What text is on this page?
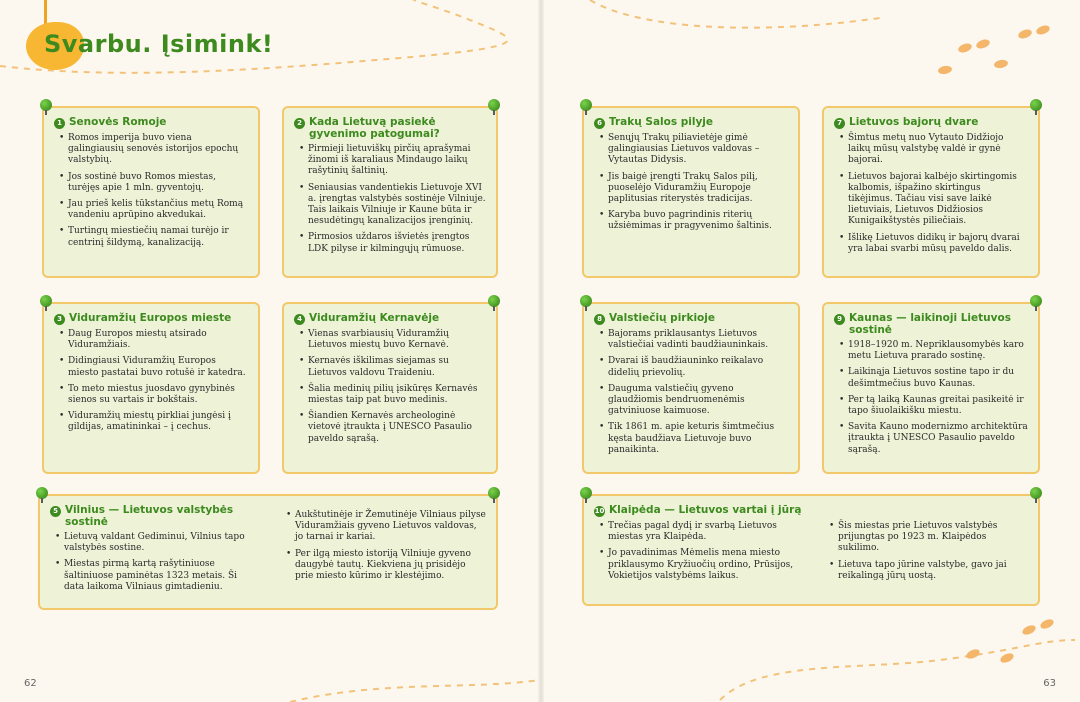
Svarbu. Įsimink!
1 Senovės Romoje
• Romos imperija buvo viena galingiausių senovės istorijos epochų valstybių.
• Jos sostinė buvo Romos miestas, turėjęs apie 1 mln. gyventojų.
• Jau prieš kelis tūkstančius metų Romą vandeniu aprūpino akvedukai.
• Turtingų miestiečių namai turėjo ir centrinį šildymą, kanalizaciją.
2 Kada Lietuvą pasiekė gyvenimo patogumai?
• Pirmieji lietuviškų pirčių aprašymai žinomi iš karaliaus Mindaugo laikų rašytinių šaltinių.
• Seniausias vandentiekis Lietuvoje XVI a. įrengtas valstybės sostinėje Vilniuje. Tais laikais Vilniuje ir Kaune būta ir nesudėtingų kanalizacijos įrenginių.
• Pirmosios uždaros išvietės įrengtos LDK pilyse ir kilmingųjų rūmuose.
3 Viduramžių Europos mieste
• Daug Europos miestų atsirado Viduramžiais.
• Didingiausi Viduramžių Europos miesto pastatai buvo rotušė ir katedra.
• To meto miestus juosdavo gynybinės sienos su vartais ir bokštais.
• Viduramžių miestų pirkliai jungėsi į gildijas, amatininkai – į cechus.
4 Viduramžių Kernavėje
• Vienas svarbiausių Viduramžių Lietuvos miestų buvo Kernavė.
• Kernavės iškilimas siejamas su Lietuvos valdovu Traideniu.
• Šalia medinių pilių įsikūręs Kernavės miestas taip pat buvo medinis.
• Šiandien Kernavės archeologinė vietovė įtraukta į UNESCO Pasaulio paveldo sąrašą.
5 Vilnius — Lietuvos valstybės sostinė
• Lietuvą valdant Gediminui, Vilnius tapo valstybės sostine.
• Miestas pirmą kartą rašytiniuose šaltiniuose paminėtas 1323 metais. Ši data laikoma Vilniaus gimtadieniu.
• Aukštutinėje ir Žemutinėje Vilniaus pilyse Viduramžiais gyveno Lietuvos valdovas, jo tarnai ir kariai.
• Per ilgą miesto istoriją Vilniuje gyveno daugybė tautų. Kiekviena jų prisidėjo prie miesto kūrimo ir klestėjimo.
6 Trakų Salos pilyje
• Senųjų Trakų piliavietėje gimė galingiausias Lietuvos valdovas – Vytautas Didysis.
• Jis baigė įrengti Trakų Salos pilį, puoselėjo Viduramžių Europoje paplitusias riterystės tradicijas.
• Karyba buvo pagrindinis riterių užsiėmimas ir pragyvenimo šaltinis.
7 Lietuvos bajorų dvare
• Šimtus metų nuo Vytauto Didžiojo laikų mūsų valstybę valdė ir gynė bajorai.
• Lietuvos bajorai kalbėjo skirtingomis kalbomis, išpažino skirtingus tikėjimus. Tačiau visi save laikė lietuviais, Lietuvos Didžiosios Kunigaikštystės piliečiais.
• Išlikę Lietuvos didikų ir bajorų dvarai yra labai svarbi mūsų paveldo dalis.
8 Valstiečių pirkioje
• Bajorams priklausantys Lietuvos valstiečiai vadinti baudžiauninkais.
• Dvarai iš baudžiauninko reikalavo didelių prievolių.
• Dauguma valstiečių gyveno glaudžiomis bendruomenėmis gatviniuose kaimuose.
• Tik 1861 m. apie keturis šimtmečius kęsta baudžiava Lietuvoje buvo panaikinta.
9 Kaunas — laikinoji Lietuvos sostinė
• 1918–1920 m. Nepriklausomybės karo metu Lietuva prarado sostinę.
• Laikinąja Lietuvos sostine tapo ir du dešimtmečius buvo Kaunas.
• Per tą laiką Kaunas greitai pasikeitė ir tapo šiuolaikišku miestu.
• Savita Kauno modernizmo architektūra įtraukta į UNESCO Pasaulio paveldo sąrašą.
10 Klaipėda — Lietuvos vartai į jūrą
• Trečias pagal dydį ir svarbą Lietuvos miestas yra Klaipėda.
• Jo pavadinimas Mėmelis mena miesto priklausymo Kryžiuočių ordino, Prūsijos, Vokietijos valstybėms laikus.
• Šis miestas prie Lietuvos valstybės prijungtas po 1923 m. Klaipėdos sukilimo.
• Lietuva tapo jūrine valstybe, gavo jai reikalingą jūrų uostą.
62	63
